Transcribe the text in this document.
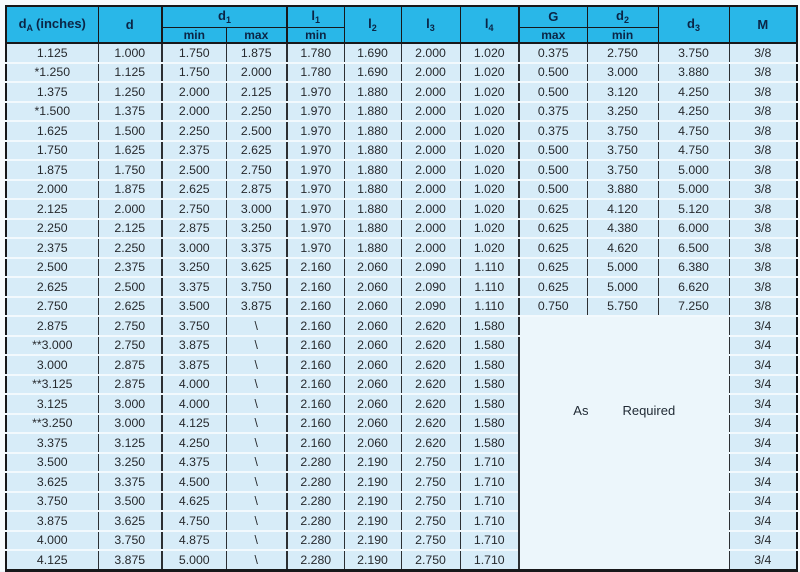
$d_A$ (inches)	d	$d_1$		$l_1$	$l_2$	$l_3$	$l_4$	G	$d_2$	$d_3$	M
		min	max	min				max	min		
1.125	1.000	1.750	1.875	1.780	1.690	2.000	1.020	0.375	2.750	3.750	3/8
*1.250	1.125	1.750	2.000	1.780	1.690	2.000	1.020	0.500	3.000	3.880	3/8
1.375	1.250	2.000	2.125	1.970	1.880	2.000	1.020	0.500	3.120	4.250	3/8
*1.500	1.375	2.000	2.250	1.970	1.880	2.000	1.020	0.375	3.250	4.250	3/8
1.625	1.500	2.250	2.500	1.970	1.880	2.000	1.020	0.375	3.750	4.750	3/8
1.750	1.625	2.375	2.625	1.970	1.880	2.000	1.020	0.500	3.750	4.750	3/8
1.875	1.750	2.500	2.750	1.970	1.880	2.000	1.020	0.500	3.750	5.000	3/8
2.000	1.875	2.625	2.875	1.970	1.880	2.000	1.020	0.500	3.880	5.000	3/8
2.125	2.000	2.750	3.000	1.970	1.880	2.000	1.020	0.625	4.120	5.120	3/8
2.250	2.125	2.875	3.250	1.970	1.880	2.000	1.020	0.625	4.380	6.000	3/8
2.375	2.250	3.000	3.375	1.970	1.880	2.000	1.020	0.625	4.620	6.500	3/8
2.500	2.375	3.250	3.625	2.160	2.060	2.090	1.110	0.625	5.000	6.380	3/8
2.625	2.500	3.375	3.750	2.160	2.060	2.090	1.110	0.625	5.000	6.620	3/8
2.750	2.625	3.500	3.875	2.160	2.060	2.090	1.110	0.750	5.750	7.250	3/8
2.875	2.750	3.750	\	2.160	2.060	2.620	1.580	As Required			3/4
**3.000	2.750	3.875	\	2.160	2.060	2.620	1.580				3/4
3.000	2.875	3.875	\	2.160	2.060	2.620	1.580				3/4
**3.125	2.875	4.000	\	2.160	2.060	2.620	1.580				3/4
3.125	3.000	4.000	\	2.160	2.060	2.620	1.580				3/4
**3.250	3.000	4.125	\	2.160	2.060	2.620	1.580				3/4
3.375	3.125	4.250	\	2.160	2.060	2.620	1.580				3/4
3.500	3.250	4.375	\	2.280	2.190	2.750	1.710				3/4
3.625	3.375	4.500	\	2.280	2.190	2.750	1.710				3/4
3.750	3.500	4.625	\	2.280	2.190	2.750	1.710				3/4
3.875	3.625	4.750	\	2.280	2.190	2.750	1.710				3/4
4.000	3.750	4.875	\	2.280	2.190	2.750	1.710				3/4
4.125	3.875	5.000	\	2.280	2.190	2.750	1.710				3/4
